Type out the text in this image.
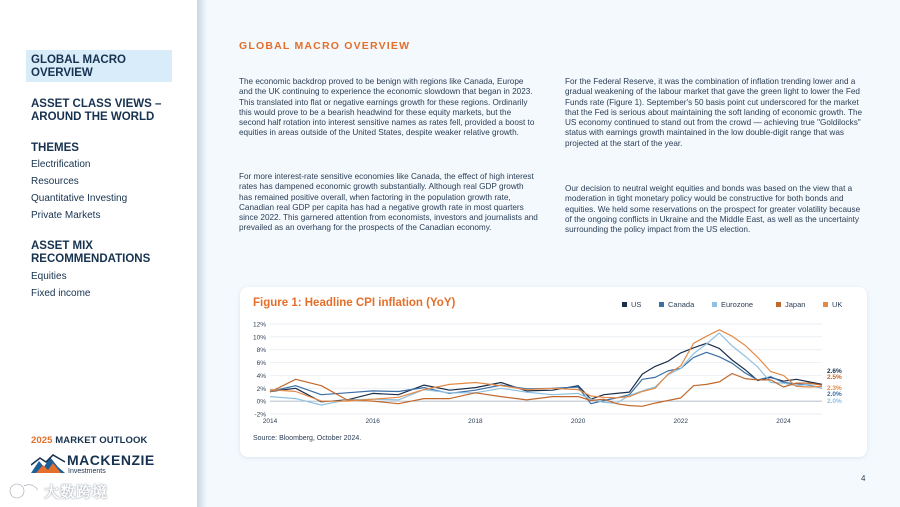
GLOBAL MACRO OVERVIEW
ASSET CLASS VIEWS – AROUND THE WORLD
THEMES
Electrification
Resources
Quantitative Investing
Private Markets
ASSET MIX RECOMMENDATIONS
Equities
Fixed income
2025 MARKET OUTLOOK
MACKENZIE
Investments
大数跨境
GLOBAL MACRO OVERVIEW

The economic backdrop proved to be benign with regions like Canada, Europe and the UK continuing to experience the economic slowdown that began in 2023. This translated into flat or negative earnings growth for these regions. Ordinarily this would prove to be a bearish headwind for these equity markets, but the second half rotation into interest sensitive names as rates fell, provided a boost to equities in areas outside of the United States, despite weaker relative growth.

For more interest-rate sensitive economies like Canada, the effect of high interest rates has dampened economic growth substantially. Although real GDP growth has remained positive overall, when factoring in the population growth rate, Canadian real GDP per capita has had a negative growth rate in most quarters since 2022. This garnered attention from economists, investors and journalists and prevailed as an overhang for the prospects of the Canadian economy.

For the Federal Reserve, it was the combination of inflation trending lower and a gradual weakening of the labour market that gave the green light to lower the Fed Funds rate (Figure 1). September's 50 basis point cut underscored for the market that the Fed is serious about maintaining the soft landing of economic growth. The US economy continued to stand out from the crowd — achieving true "Goldilocks" status with earnings growth maintained in the low double-digit range that was projected at the start of the year.

Our decision to neutral weight equities and bonds was based on the view that a moderation in tight monetary policy would be constructive for both bonds and equities. We held some reservations on the prospect for greater volatility because of the ongoing conflicts in Ukraine and the Middle East, as well as the uncertainty surrounding the policy impact from the US election.

Figure 1: Headline CPI inflation (YoY)	US	Canada	Eurozone	Japan	UK
12%
10%
8%
6%
4%
2%
0%
-2%
2014	2016	2018	2020	2022	2024
2.6%
2.5%
2.3%
2.0%
2.0%
Source: Bloomberg, October 2024.
4
